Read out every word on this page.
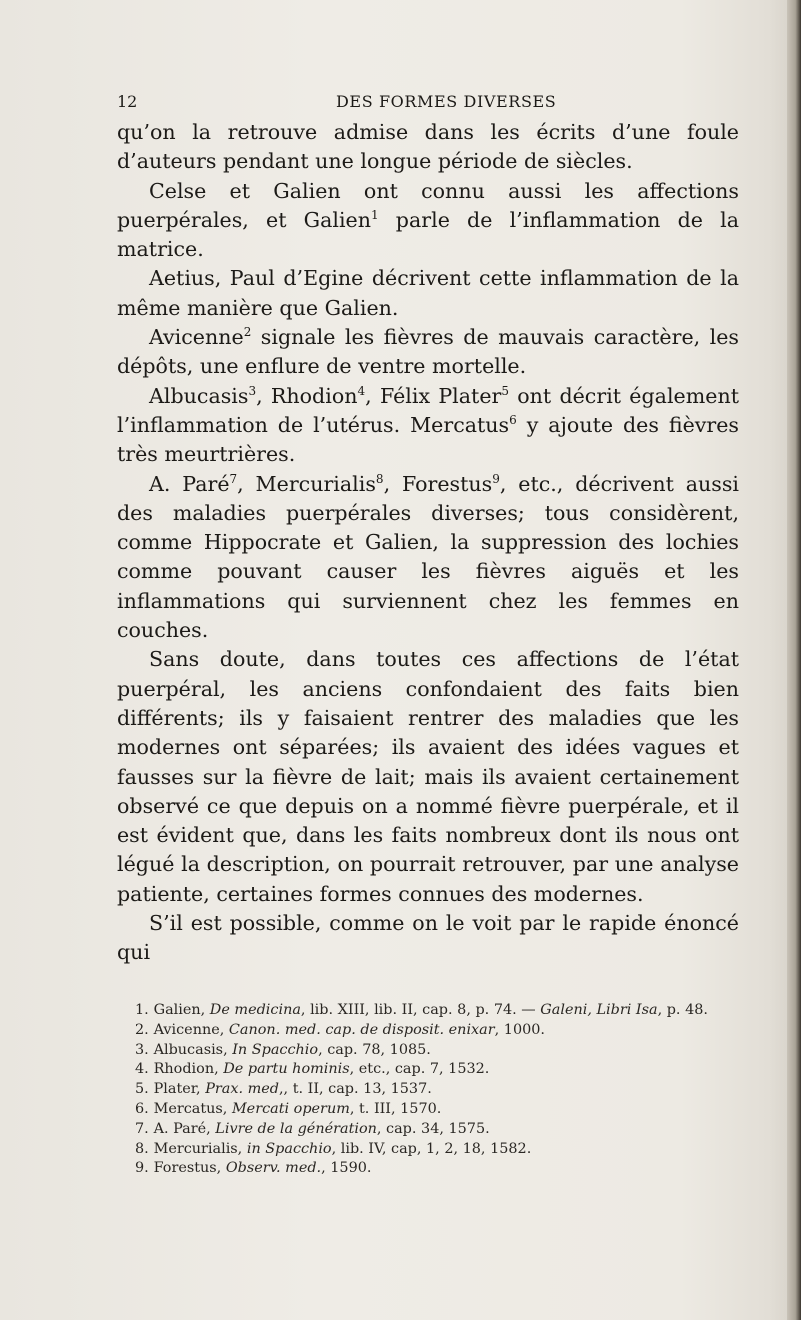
12	DES FORMES DIVERSES

qu’on la retrouve admise dans les écrits d’une foule d’auteurs pendant une longue période de siècles.

Celse et Galien ont connu aussi les affections puerpérales, et Galien$^1$ parle de l’inflammation de la matrice.

Aetius, Paul d’Egine décrivent cette inflammation de la même manière que Galien.

Avicenne$^2$ signale les fièvres de mauvais caractère, les dépôts, une enflure de ventre mortelle.

Albucasis$^3$, Rhodion$^4$, Félix Plater$^5$ ont décrit également l’inflammation de l’utérus. Mercatus$^6$ y ajoute des fièvres très meurtrières.

A. Paré$^7$, Mercurialis$^8$, Forestus$^9$, etc., décrivent aussi des maladies puerpérales diverses; tous considèrent, comme Hippocrate et Galien, la suppression des lochies comme pouvant causer les fièvres aiguës et les inflammations qui surviennent chez les femmes en couches.

Sans doute, dans toutes ces affections de l’état puerpéral, les anciens confondaient des faits bien différents; ils y faisaient rentrer des maladies que les modernes ont séparées; ils avaient des idées vagues et fausses sur la fièvre de lait; mais ils avaient certainement observé ce que depuis on a nommé fièvre puerpérale, et il est évident que, dans les faits nombreux dont ils nous ont légué la description, on pourrait retrouver, par une analyse patiente, certaines formes connues des modernes.

S’il est possible, comme on le voit par le rapide énoncé qui

1. Galien, De medicina, lib. XIII, lib. II, cap. 8, p. 74. — Galeni, Libri Isa, p. 48.

2. Avicenne, Canon. med. cap. de disposit. enixar, 1000.

3. Albucasis, In Spacchio, cap. 78, 1085.

4. Rhodion, De partu hominis, etc., cap. 7, 1532.

5. Plater, Prax. med,, t. II, cap. 13, 1537.

6. Mercatus, Mercati operum, t. III, 1570.

7. A. Paré, Livre de la génération, cap. 34, 1575.

8. Mercurialis, in Spacchio, lib. IV, cap, 1, 2, 18, 1582.

9. Forestus, Observ. med., 1590.
